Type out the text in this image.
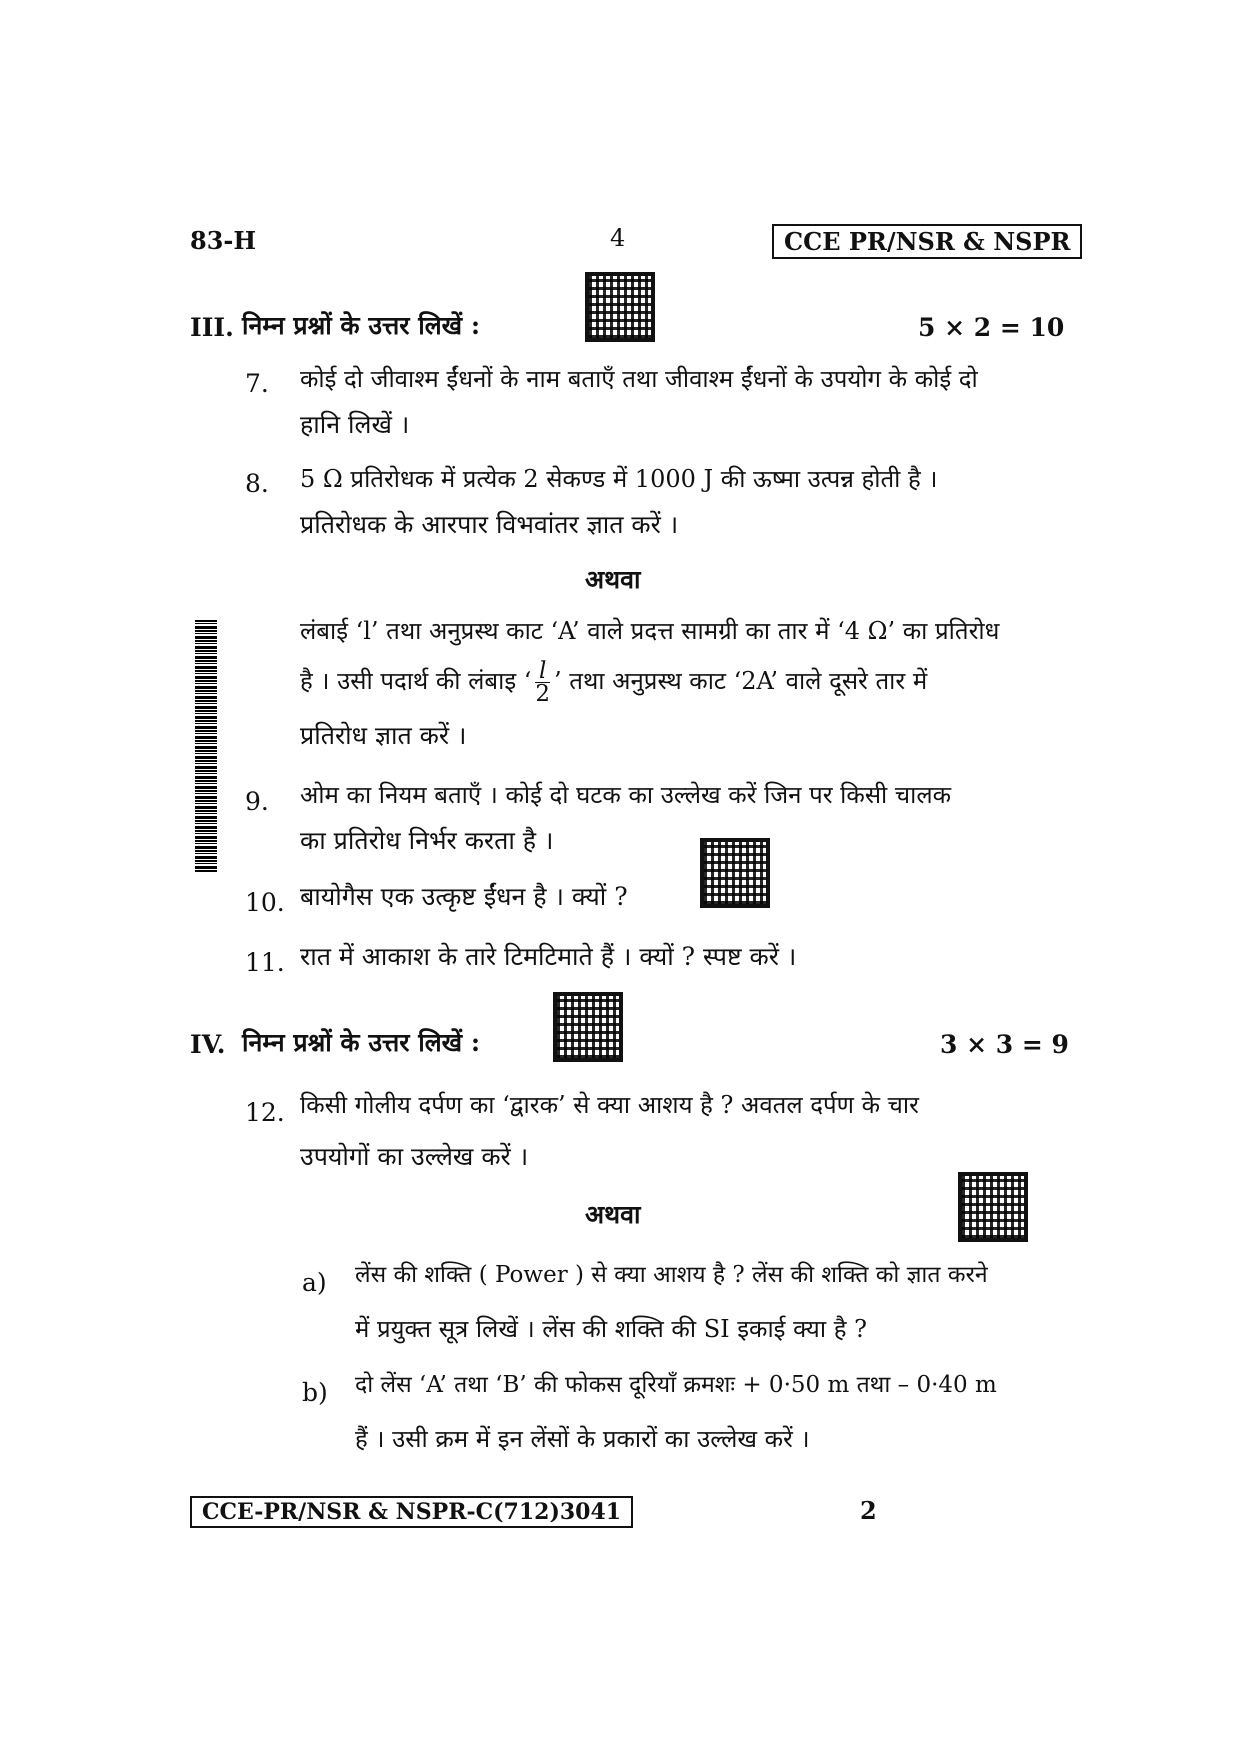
83-H	4	CCE PR/NSR & NSPR
III. निम्न प्रश्नों के उत्तर लिखें :	5 × 2 = 10
7. कोई दो जीवाश्म ईंधनों के नाम बताएँ तथा जीवाश्म ईंधनों के उपयोग के कोई दो
हानि लिखें ।
8. 5 Ω प्रतिरोधक में प्रत्येक 2 सेकण्ड में 1000 J की ऊष्मा उत्पन्न होती है ।
प्रतिरोधक के आरपार विभवांतर ज्ञात करें ।
अथवा
लंबाई ‘l’ तथा अनुप्रस्थ काट ‘A’ वाले प्रदत्त सामग्री का तार में ‘4 Ω’ का प्रतिरोध
है । उसी पदार्थ की लंबाइ ‘ $\frac{l}{2}$ ’ तथा अनुप्रस्थ काट ‘2A’ वाले दूसरे तार में
प्रतिरोध ज्ञात करें ।
9. ओम का नियम बताएँ । कोई दो घटक का उल्लेख करें जिन पर किसी चालक
का प्रतिरोध निर्भर करता है ।
10. बायोगैस एक उत्कृष्ट ईंधन है । क्यों ?
11. रात में आकाश के तारे टिमटिमाते हैं । क्यों ? स्पष्ट करें ।
IV. निम्न प्रश्नों के उत्तर लिखें :	3 × 3 = 9
12. किसी गोलीय दर्पण का ‘द्वारक’ से क्या आशय है ? अवतल दर्पण के चार
उपयोगों का उल्लेख करें ।
अथवा
a) लेंस की शक्ति ( Power ) से क्या आशय है ? लेंस की शक्ति को ज्ञात करने
में प्रयुक्त सूत्र लिखें । लेंस की शक्ति की SI इकाई क्या है ?
b) दो लेंस ‘A’ तथा ‘B’ की फोकस दूरियाँ क्रमशः + 0·50 m तथा – 0·40 m
हैं । उसी क्रम में इन लेंसों के प्रकारों का उल्लेख करें ।
CCE-PR/NSR & NSPR-C(712)3041	2
